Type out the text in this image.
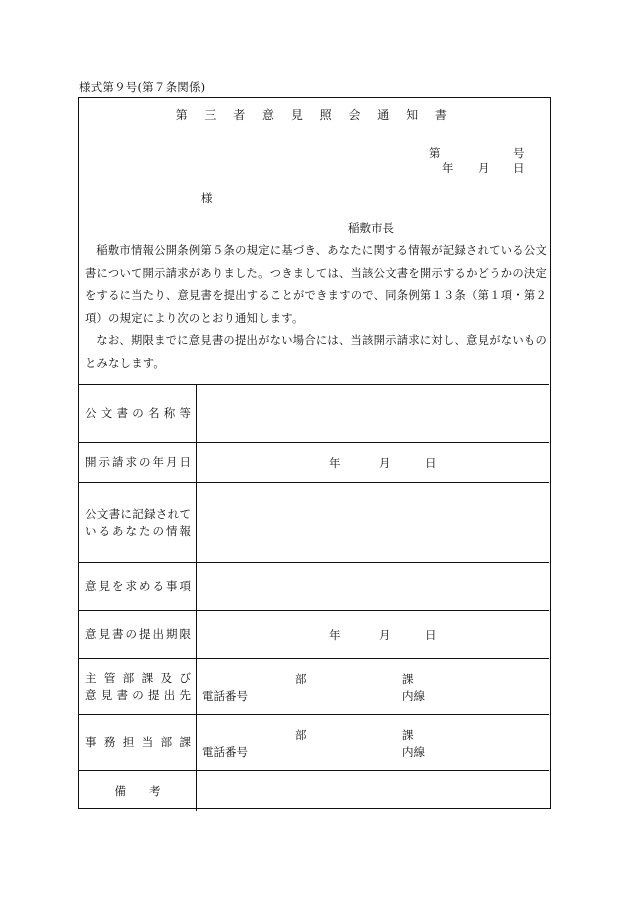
様式第９号(第７条関係)
第 三 者 意 見 照 会 通 知 書
第	号
年 月 日
様
稲敷市長

稲敷市情報公開条例第５条の規定に基づき、あなたに関する情報が記録されている公文書について開示請求がありました。つきましては、当該公文書を開示するかどうかの決定をするに当たり、意見書を提出することができますので、同条例第１３条（第１項・第２項）の規定により次のとおり通知します。

なお、期限までに意見書の提出がない場合には、当該開示請求に対し、意見がないものとみなします。

公文書の名称等
開示請求の年月日	年	月	日
公文書に記録されて
いるあなたの情報
意見を求める事項
意見書の提出期限	年	月	日
主 管 部 課 及 び
意 見 書 の 提 出 先
部	課
電話番号	内線
事 務 担 当 部 課	部	課
電話番号	内線
備　　考
